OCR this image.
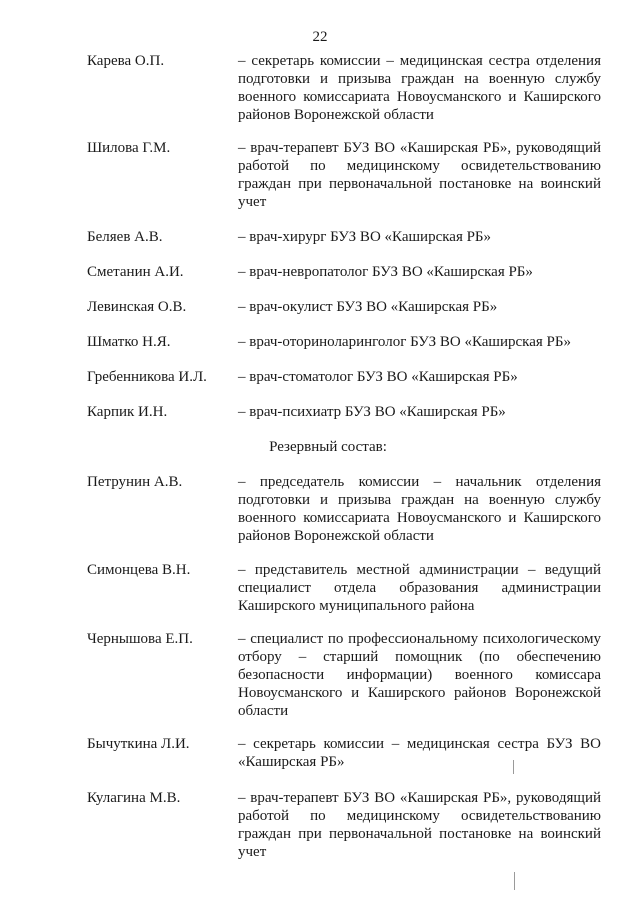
22
Карева О.П.	– секретарь комиссии – медицинская сестра отделения подготовки и призыва граждан на военную службу военного комиссариата Новоусманского и Каширского районов Воронежской области
Шилова Г.М.	– врач-терапевт БУЗ ВО «Каширская РБ», руководящий работой по медицинскому освидетельствованию граждан при первоначальной постановке на воинский учет
Беляев А.В.	– врач-хирург БУЗ ВО «Каширская РБ»
Сметанин А.И.	– врач-невропатолог БУЗ ВО «Каширская РБ»
Левинская О.В.	– врач-окулист БУЗ ВО «Каширская РБ»
Шматко Н.Я.	– врач-оториноларинголог БУЗ ВО «Каширская РБ»
Гребенникова И.Л. – врач-стоматолог БУЗ ВО «Каширская РБ»
Карпик И.Н.	– врач-психиатр БУЗ ВО «Каширская РБ»
Резервный состав:
Петрунин А.В.	– председатель комиссии – начальник отделения подготовки и призыва граждан на военную службу военного комиссариата Новоусманского и Каширского районов Воронежской области
Симонцева В.Н.	– представитель местной администрации – ведущий специалист отдела образования администрации Каширского муниципального района
Чернышова Е.П.	– специалист по профессиональному психологическому отбору – старший помощник (по обеспечению безопасности информации) военного комиссара Новоусманского и Каширского районов Воронежской области
Бычуткина Л.И.	– секретарь комиссии – медицинская сестра БУЗ ВО «Каширская РБ»
Кулагина М.В.	– врач-терапевт БУЗ ВО «Каширская РБ», руководящий работой по медицинскому освидетельствованию граждан при первоначальной постановке на воинский учет
